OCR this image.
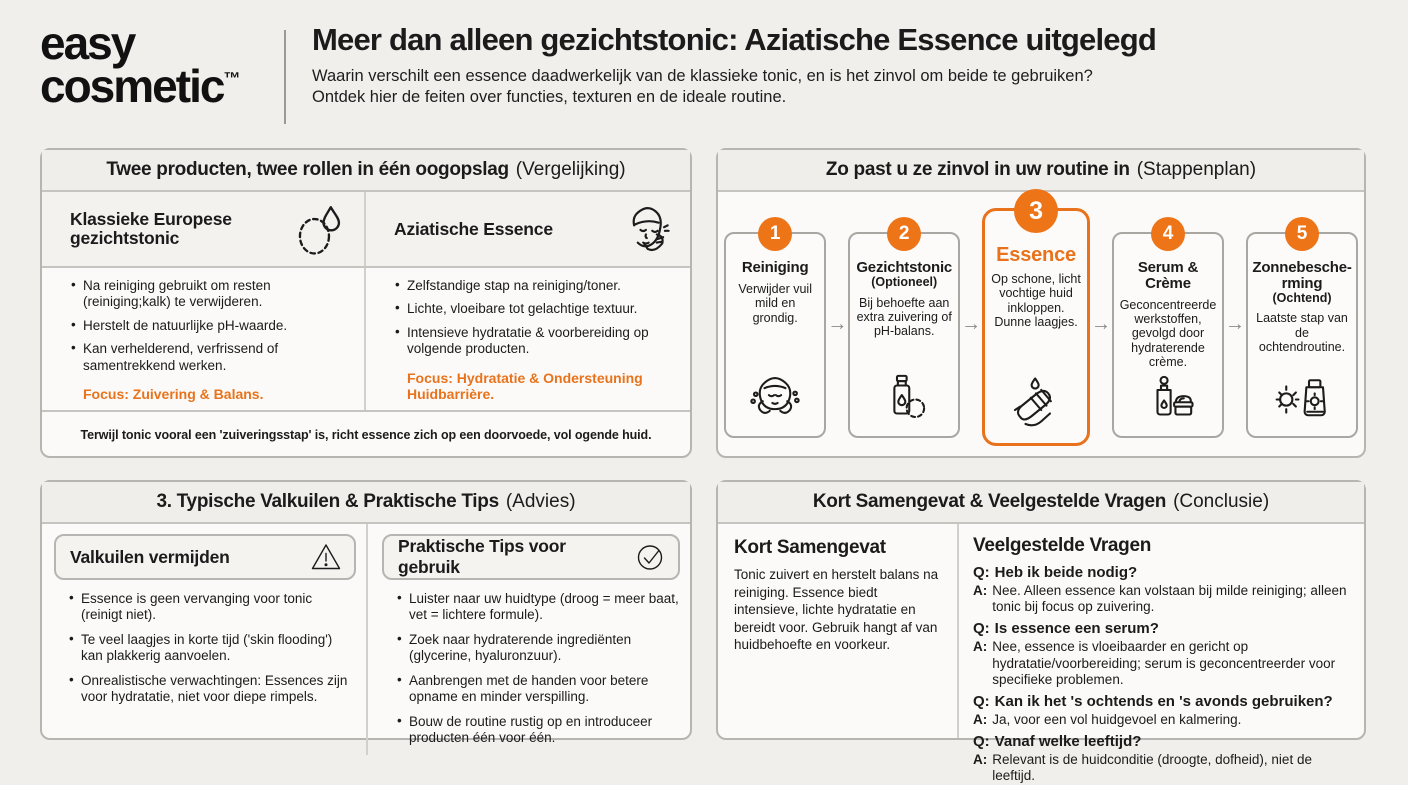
easy
cosmetic™
Meer dan alleen gezichtstonic: Aziatische Essence uitgelegd
Waarin verschilt een essence daadwerkelijk van de klassieke tonic, en is het zinvol om beide te gebruiken?
Ontdek hier de feiten over functies, texturen en de ideale routine.
Twee producten, twee rollen in één oogopslag (Vergelijking)
Klassieke Europese gezichtstonic	Aziatische Essence
• Na reiniging gebruikt om resten (reiniging;kalk) te verwijderen.
• Herstelt de natuurlijke pH-waarde.
• Kan verhelderend, verfrissend of samentrekkend werken.
Focus: Zuivering & Balans.
• Zelfstandige stap na reiniging/toner.
• Lichte, vloeibare tot gelachtige textuur.
• Intensieve hydratatie & voorbereiding op volgende producten.
Focus: Hydratatie & Ondersteuning Huidbarrière.
Terwijl tonic vooral een 'zuiveringsstap' is, richt essence zich op een doorvoede, vol ogende huid.
Zo past u ze zinvol in uw routine in (Stappenplan)
1
Reiniging
Verwijder vuil mild en grondig.	→
2
Gezichtstonic
(Optioneel)
Bij behoefte aan extra zuivering of pH-balans.	→
3
Essence
Op schone, licht vochtige huid inkloppen. Dunne laagjes. →
4
Serum & Crème
Geconcentreerde werkstoffen, gevolgd door hydraterende crème.
→
5
Zonnebesche-rming
(Ochtend)
Laatste stap van de ochtendroutine.
3. Typische Valkuilen & Praktische Tips (Advies)
Valkuilen vermijden
• Essence is geen vervanging voor tonic (reinigt niet).
• Te veel laagjes in korte tijd ('skin flooding') kan plakkerig aanvoelen.
• Onrealistische verwachtingen: Essences zijn voor hydratatie, niet voor diepe rimpels.
Praktische Tips voor gebruik
• Luister naar uw huidtype (droog = meer baat, vet = lichtere formule).
• Zoek naar hydraterende ingrediënten (glycerine, hyaluronzuur).
• Aanbrengen met de handen voor betere opname en minder verspilling.
• Bouw de routine rustig op en introduceer producten één voor één.
Kort Samengevat & Veelgestelde Vragen (Conclusie)
Kort Samengevat
Tonic zuivert en herstelt balans na reiniging. Essence biedt intensieve, lichte hydratatie en bereidt voor. Gebruik hangt af van huidbehoefte en voorkeur.
Veelgestelde Vragen
Q: Heb ik beide nodig?
A: Nee. Alleen essence kan volstaan bij milde reiniging; alleen tonic bij focus op zuivering.
Q: Is essence een serum?
A: Nee, essence is vloeibaarder en gericht op hydratatie/voorbereiding; serum is geconcentreerder voor specifieke problemen.
Q: Kan ik het 's ochtends en 's avonds gebruiken?
A: Ja, voor een vol huidgevoel en kalmering.
Q: Vanaf welke leeftijd?
A: Relevant is de huidconditie (droogte, dofheid), niet de leeftijd.
